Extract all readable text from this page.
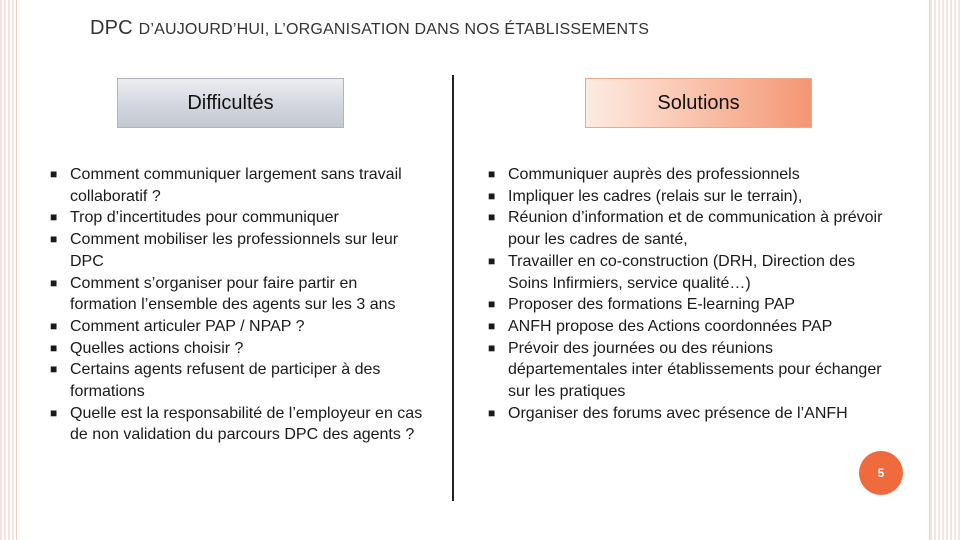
DPC D’AUJOURD’HUI, L’ORGANISATION DANS NOS ÉTABLISSEMENTS
Difficultés	Solutions
■ Comment communiquer largement sans travail collaboratif ?
■ Trop d’incertitudes pour communiquer
■ Comment mobiliser les professionnels sur leur DPC
■ Comment s’organiser pour faire partir en formation l’ensemble des agents sur les 3 ans
■ Comment articuler PAP / NPAP ?
■ Quelles actions choisir ?
■ Certains agents refusent de participer à des formations
■ Quelle est la responsabilité de l’employeur en cas de non validation du parcours DPC des agents ?
■ Communiquer auprès des professionnels
■ Impliquer les cadres (relais sur le terrain),
■ Réunion d’information et de communication à prévoir pour les cadres de santé,
■ Travailler en co-construction (DRH, Direction des Soins Infirmiers, service qualité…)
■ Proposer des formations E-learning PAP
■ ANFH propose des Actions coordonnées PAP
■ Prévoir des journées ou des réunions départementales inter établissements pour échanger sur les pratiques
■ Organiser des forums avec présence de l’ANFH
5
